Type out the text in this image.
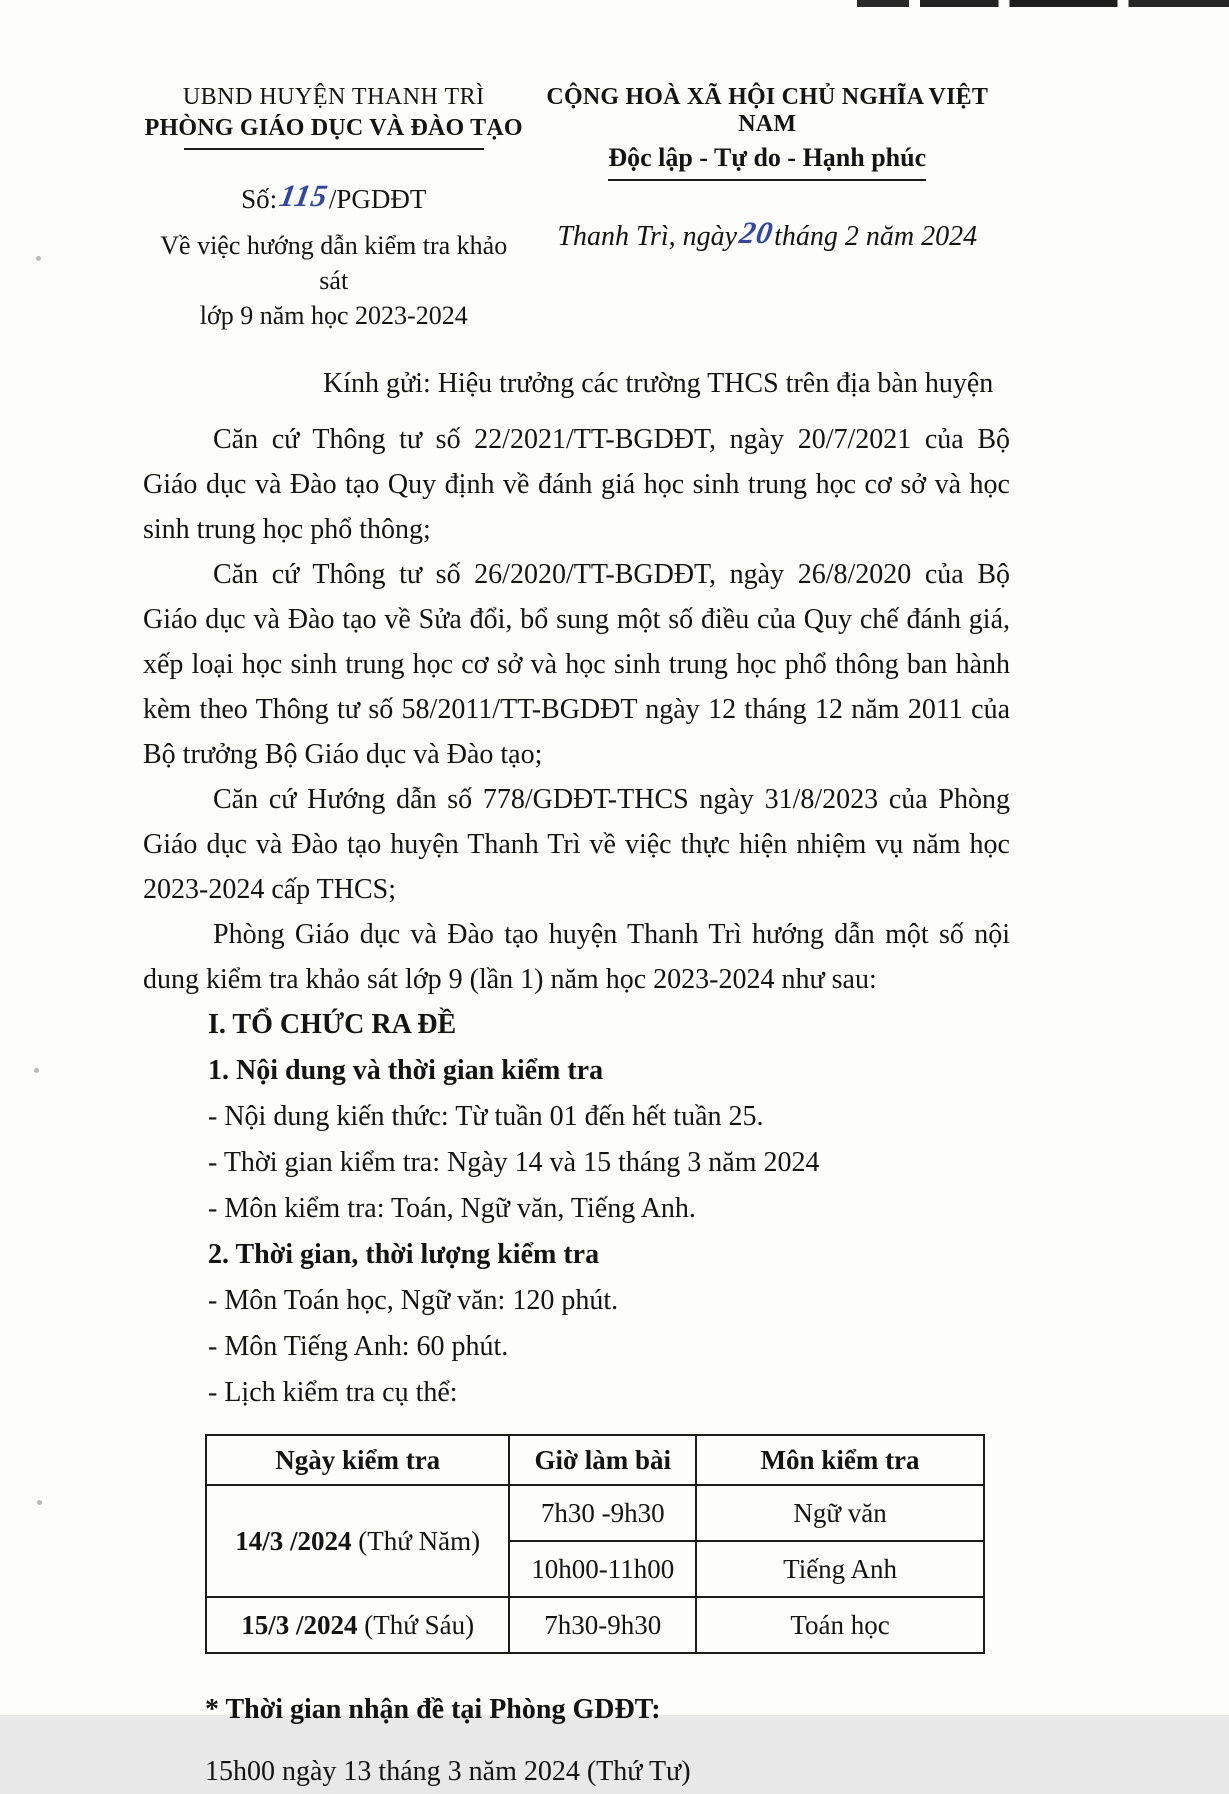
UBND HUYỆN THANH TRÌ
PHÒNG GIÁO DỤC VÀ ĐÀO TẠO
Số:115/PGDĐT
Về việc hướng dẫn kiểm tra khảo sát
lớp 9 năm học 2023-2024
CỘNG HOÀ XÃ HỘI CHỦ NGHĨA VIỆT NAM
Độc lập - Tự do - Hạnh phúc
Thanh Trì, ngày20tháng 2 năm 2024
Kính gửi: Hiệu trưởng các trường THCS trên địa bàn huyện

Căn cứ Thông tư số 22/2021/TT-BGDĐT, ngày 20/7/2021 của Bộ Giáo dục và Đào tạo Quy định về đánh giá học sinh trung học cơ sở và học sinh trung học phổ thông;

Căn cứ Thông tư số 26/2020/TT-BGDĐT, ngày 26/8/2020 của Bộ Giáo dục và Đào tạo về Sửa đổi, bổ sung một số điều của Quy chế đánh giá, xếp loại học sinh trung học cơ sở và học sinh trung học phổ thông ban hành kèm theo Thông tư số 58/2011/TT-BGDĐT ngày 12 tháng 12 năm 2011 của Bộ trưởng Bộ Giáo dục và Đào tạo;

Căn cứ Hướng dẫn số 778/GDĐT-THCS ngày 31/8/2023 của Phòng Giáo dục và Đào tạo huyện Thanh Trì về việc thực hiện nhiệm vụ năm học 2023-2024 cấp THCS;

Phòng Giáo dục và Đào tạo huyện Thanh Trì hướng dẫn một số nội dung kiểm tra khảo sát lớp 9 (lần 1) năm học 2023-2024 như sau:

I. TỔ CHỨC RA ĐỀ
1. Nội dung và thời gian kiểm tra
- Nội dung kiến thức: Từ tuần 01 đến hết tuần 25.
- Thời gian kiểm tra: Ngày 14 và 15 tháng 3 năm 2024
- Môn kiểm tra: Toán, Ngữ văn, Tiếng Anh.
2. Thời gian, thời lượng kiểm tra
- Môn Toán học, Ngữ văn: 120 phút.
- Môn Tiếng Anh: 60 phút.
- Lịch kiểm tra cụ thể:
Ngày kiểm tra	Giờ làm bài	Môn kiểm tra
14/3 /2024 (Thứ Năm)	7h30 -9h30	Ngữ văn
	10h00-11h00	Tiếng Anh
15/3 /2024 (Thứ Sáu)	7h30-9h30	Toán học
* Thời gian nhận đề tại Phòng GDĐT:
15h00 ngày 13 tháng 3 năm 2024 (Thứ Tư)
